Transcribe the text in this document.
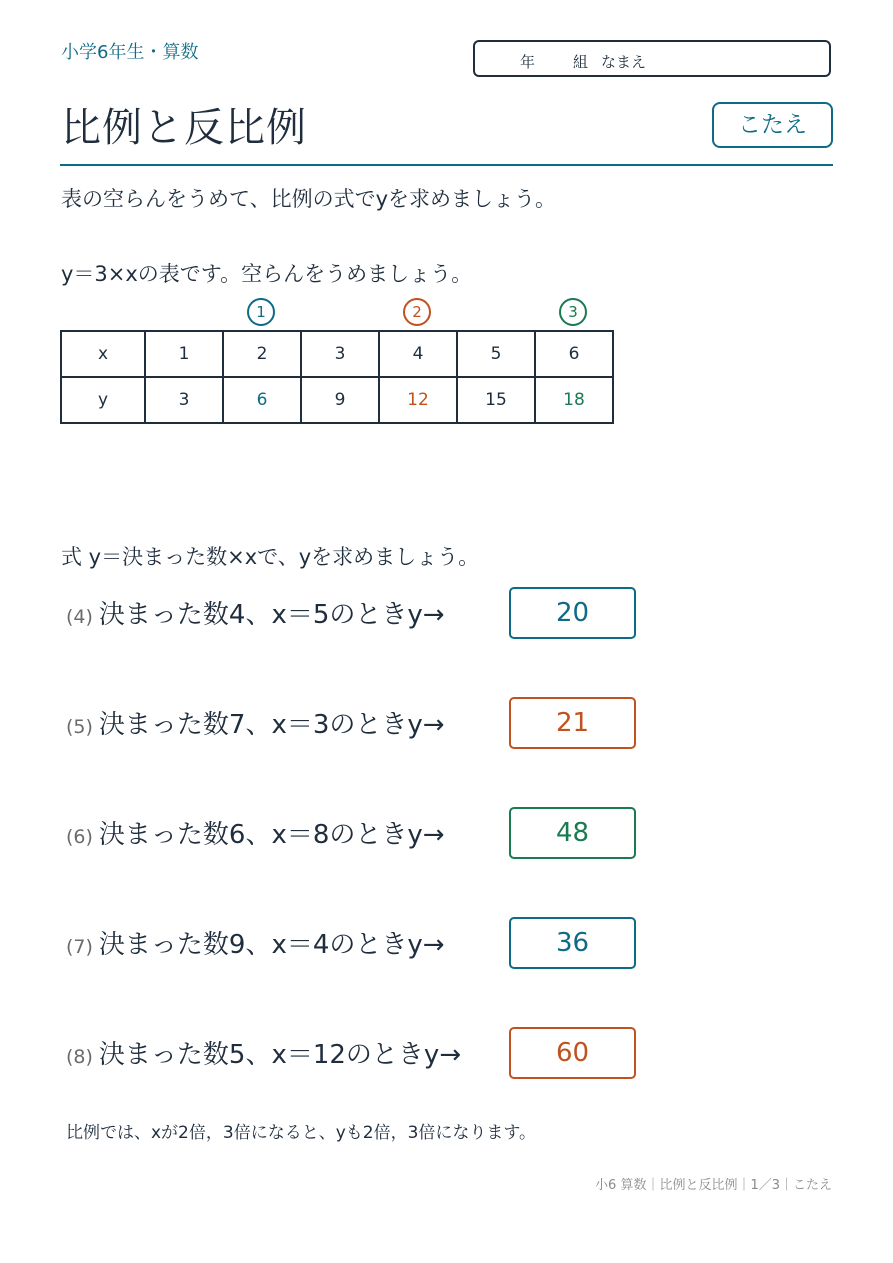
小学6年生・算数	年	組 なまえ
比例と反比例	こたえ
表の空らんをうめて、比例の式でyを求めましょう。
y＝3×xの表です。空らんをうめましょう。
1	2	3
x	1	2	3	4	5	6
y	3	6	9	12	15	18
式 y＝決まった数×xで、yを求めましょう。
(4) 決まった数4、x＝5のときy→	20
(5) 決まった数7、x＝3のときy→	21
(6) 決まった数6、x＝8のときy→	48
(7) 決まった数9、x＝4のときy→	36
(8) 決まった数5、x＝12のときy→	60
比例では、xが2倍，3倍になると、yも2倍，3倍になります。
小6 算数｜比例と反比例｜1／3｜こたえ
